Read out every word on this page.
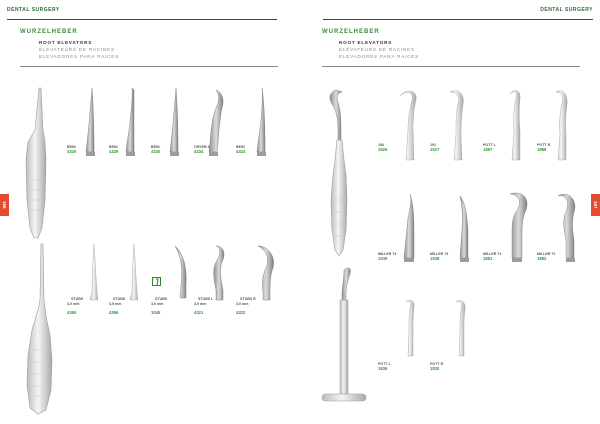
DENTAL SURGERY
WURZELHEBER
ROOT ELEVATORS
ÉLÉVATEURS DE RACINES
ELEVADORES PARA RAICES
166
BEIN
4320
BEIN
4329
BEIN
4330
CRYER 4
4334
BEIN
4324

STUBS
3,0 mm

4365

STUBS
3,5 mm

4366

STUBS
3,0 mm

1045

STUBS L
3,0 mm

4321

STUBS R
3,0 mm

4322

DENTAL SURGERY
WURZELHEBER
ROOT ELEVATORS
ÉLÉVATEURS DE RACINES
ELEVADORES PARA RAICES
167
190
1526
191
1527
POTT L
1887
POTT R
1888
MILLER 73
1539
MILLER 74
1538
MILLER 71
1881
MILLER 72
1882
POTT L
1836
POTT R
1830
